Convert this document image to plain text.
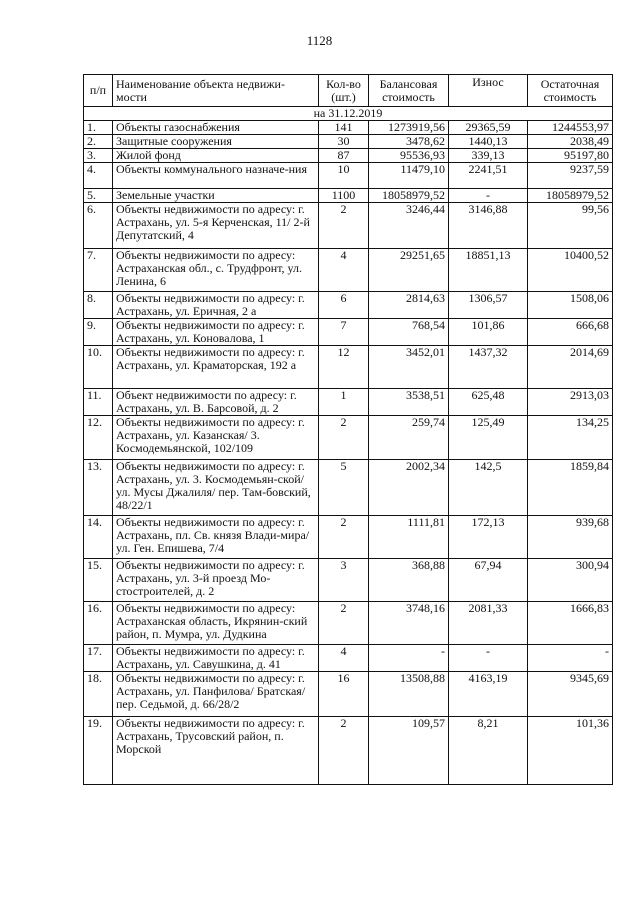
1128
п/п	Наименование объекта недвижи-мости	Кол-во (шт.)	Балансовая стоимость	Износ	Остаточная стоимость
на 31.12.2019					
1.	Объекты газоснабжения	141	1273919,56	29365,59	1244553,97
2.	Защитные сооружения	30	3478,62	1440,13	2038,49
3.	Жилой фонд	87	95536,93	339,13	95197,80
4.	Объекты коммунального назначе-ния	10	11479,10	2241,51	9237,59
5.	Земельные участки	1100	18058979,52	-	18058979,52
6.	Объекты недвижимости по адресу: г. Астрахань, ул. 5-я Керченская, 11/ 2-й Депутатский, 4	2	3246,44	3146,88	99,56
7.	Объекты недвижимости по адресу: Астраханская обл., с. Трудфронт, ул. Ленина, 6	4	29251,65	18851,13	10400,52
8.	Объекты недвижимости по адресу: г. Астрахань, ул. Еричная, 2 а	6	2814,63	1306,57	1508,06
9.	Объекты недвижимости по адресу: г. Астрахань, ул. Коновалова, 1	7	768,54	101,86	666,68
10.	Объекты недвижимости по адресу: г. Астрахань, ул. Краматорская, 192 а	12	3452,01	1437,32	2014,69
11.	Объект недвижимости по адресу: г. Астрахань, ул. В. Барсовой, д. 2	1	3538,51	625,48	2913,03
12.	Объекты недвижимости по адресу: г. Астрахань, ул. Казанская/ 3. Космодемьянской, 102/109	2	259,74	125,49	134,25
13.	Объекты недвижимости по адресу: г. Астрахань, ул. 3. Космодемьян-ской/ул. Мусы Джалиля/ пер. Там-бовский, 48/22/1	5	2002,34	142,5	1859,84
14.	Объекты недвижимости по адресу: г. Астрахань, пл. Св. князя Влади-мира/ ул. Ген. Епишева, 7/4	2	1111,81	172,13	939,68
15.	Объекты недвижимости по адресу: г. Астрахань, ул. 3-й проезд Мо-стостроителей, д. 2	3	368,88	67,94	300,94
16.	Объекты недвижимости по адресу: Астраханская область, Икрянин-ский район, п. Мумра, ул. Дудкина	2	3748,16	2081,33	1666,83
17.	Объекты недвижимости по адресу: г. Астрахань, ул. Савушкина, д. 41	4	-	-	-
18.	Объекты недвижимости по адресу: г. Астрахань, ул. Панфилова/ Братская/пер. Седьмой, д. 66/28/2	16	13508,88	4163,19	9345,69
19.	Объекты недвижимости по адресу: г. Астрахань, Трусовский район, п. Морской	2	109,57	8,21	101,36
